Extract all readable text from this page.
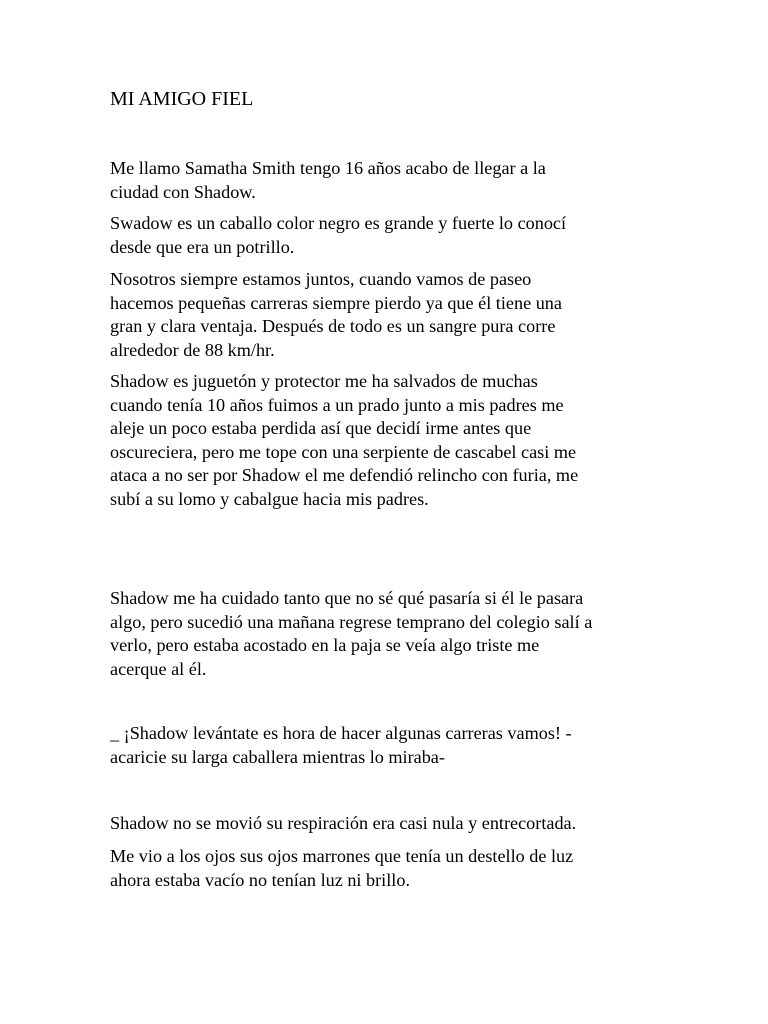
MI AMIGO FIEL

Me llamo Samatha Smith tengo 16 años acabo de llegar a la
ciudad con Shadow.

Swadow es un caballo color negro es grande y fuerte lo conocí
desde que era un potrillo.

Nosotros siempre estamos juntos, cuando vamos de paseo
hacemos pequeñas carreras siempre pierdo ya que él tiene una
gran y clara ventaja. Después de todo es un sangre pura corre
alrededor de 88 km/hr.

Shadow es juguetón y protector me ha salvados de muchas
cuando tenía 10 años fuimos a un prado junto a mis padres me
aleje un poco estaba perdida así que decidí irme antes que
oscureciera, pero me tope con una serpiente de cascabel casi me
ataca a no ser por Shadow el me defendió relincho con furia, me
subí a su lomo y cabalgue hacia mis padres.

Shadow me ha cuidado tanto que no sé qué pasaría si él le pasara
algo, pero sucedió una mañana regrese temprano del colegio salí a
verlo, pero estaba acostado en la paja se veía algo triste me
acerque al él.

_ ¡Shadow levántate es hora de hacer algunas carreras vamos! -
acaricie su larga caballera mientras lo miraba-

Shadow no se movió su respiración era casi nula y entrecortada.

Me vio a los ojos sus ojos marrones que tenía un destello de luz
ahora estaba vacío no tenían luz ni brillo.
